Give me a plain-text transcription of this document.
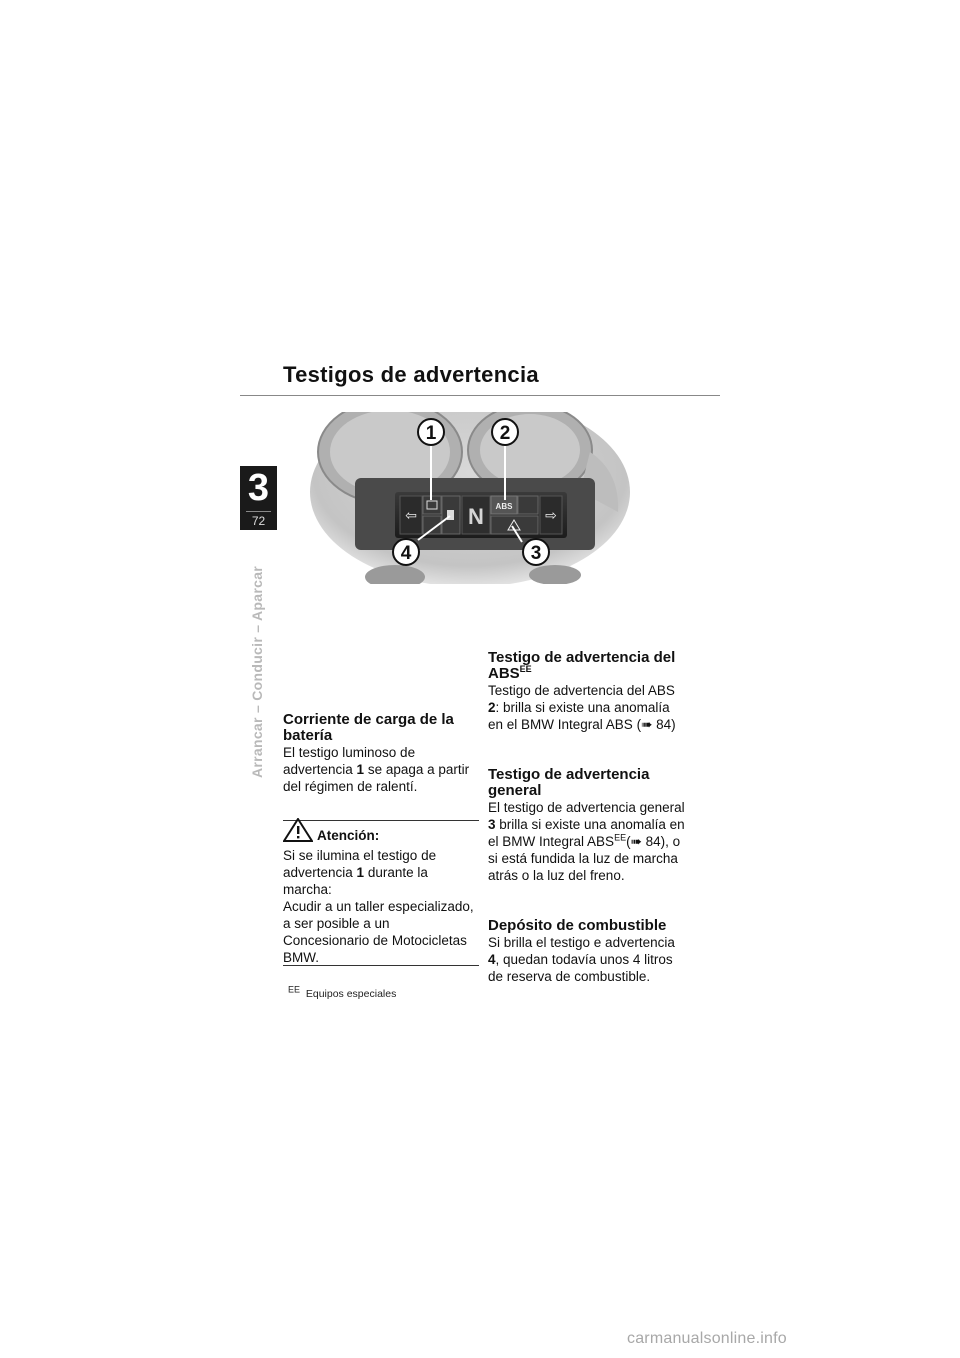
3
72
Arrancar – Conducir – Aparcar
Testigos de advertencia
⇦ N ABS
⇨
1	2
3
4
Corriente de carga de la batería

El testigo luminoso de advertencia 1 se apaga a partir del régimen de ralentí.

Atención:

Si se ilumina el testigo de advertencia 1 durante la marcha:

Acudir a un taller especializado, a ser posible a un Concesionario de Motocicletas BMW.

$^{EE}$ Equipos especiales
Testigo de advertencia del $ABS^{EE}$

Testigo de advertencia del ABS 2: brilla si existe una anomalía en el BMW Integral ABS (➠ 84)

Testigo de advertencia general

El testigo de advertencia general 3 brilla si existe una anomalía en el BMW Integral $ABS^{EE}(➠$ 84), o si está fundida la luz de marcha atrás o la luz del freno.

Depósito de combustible

Si brilla el testigo e advertencia 4, quedan todavía unos 4 litros de reserva de combustible.

carmanualsonline.info
